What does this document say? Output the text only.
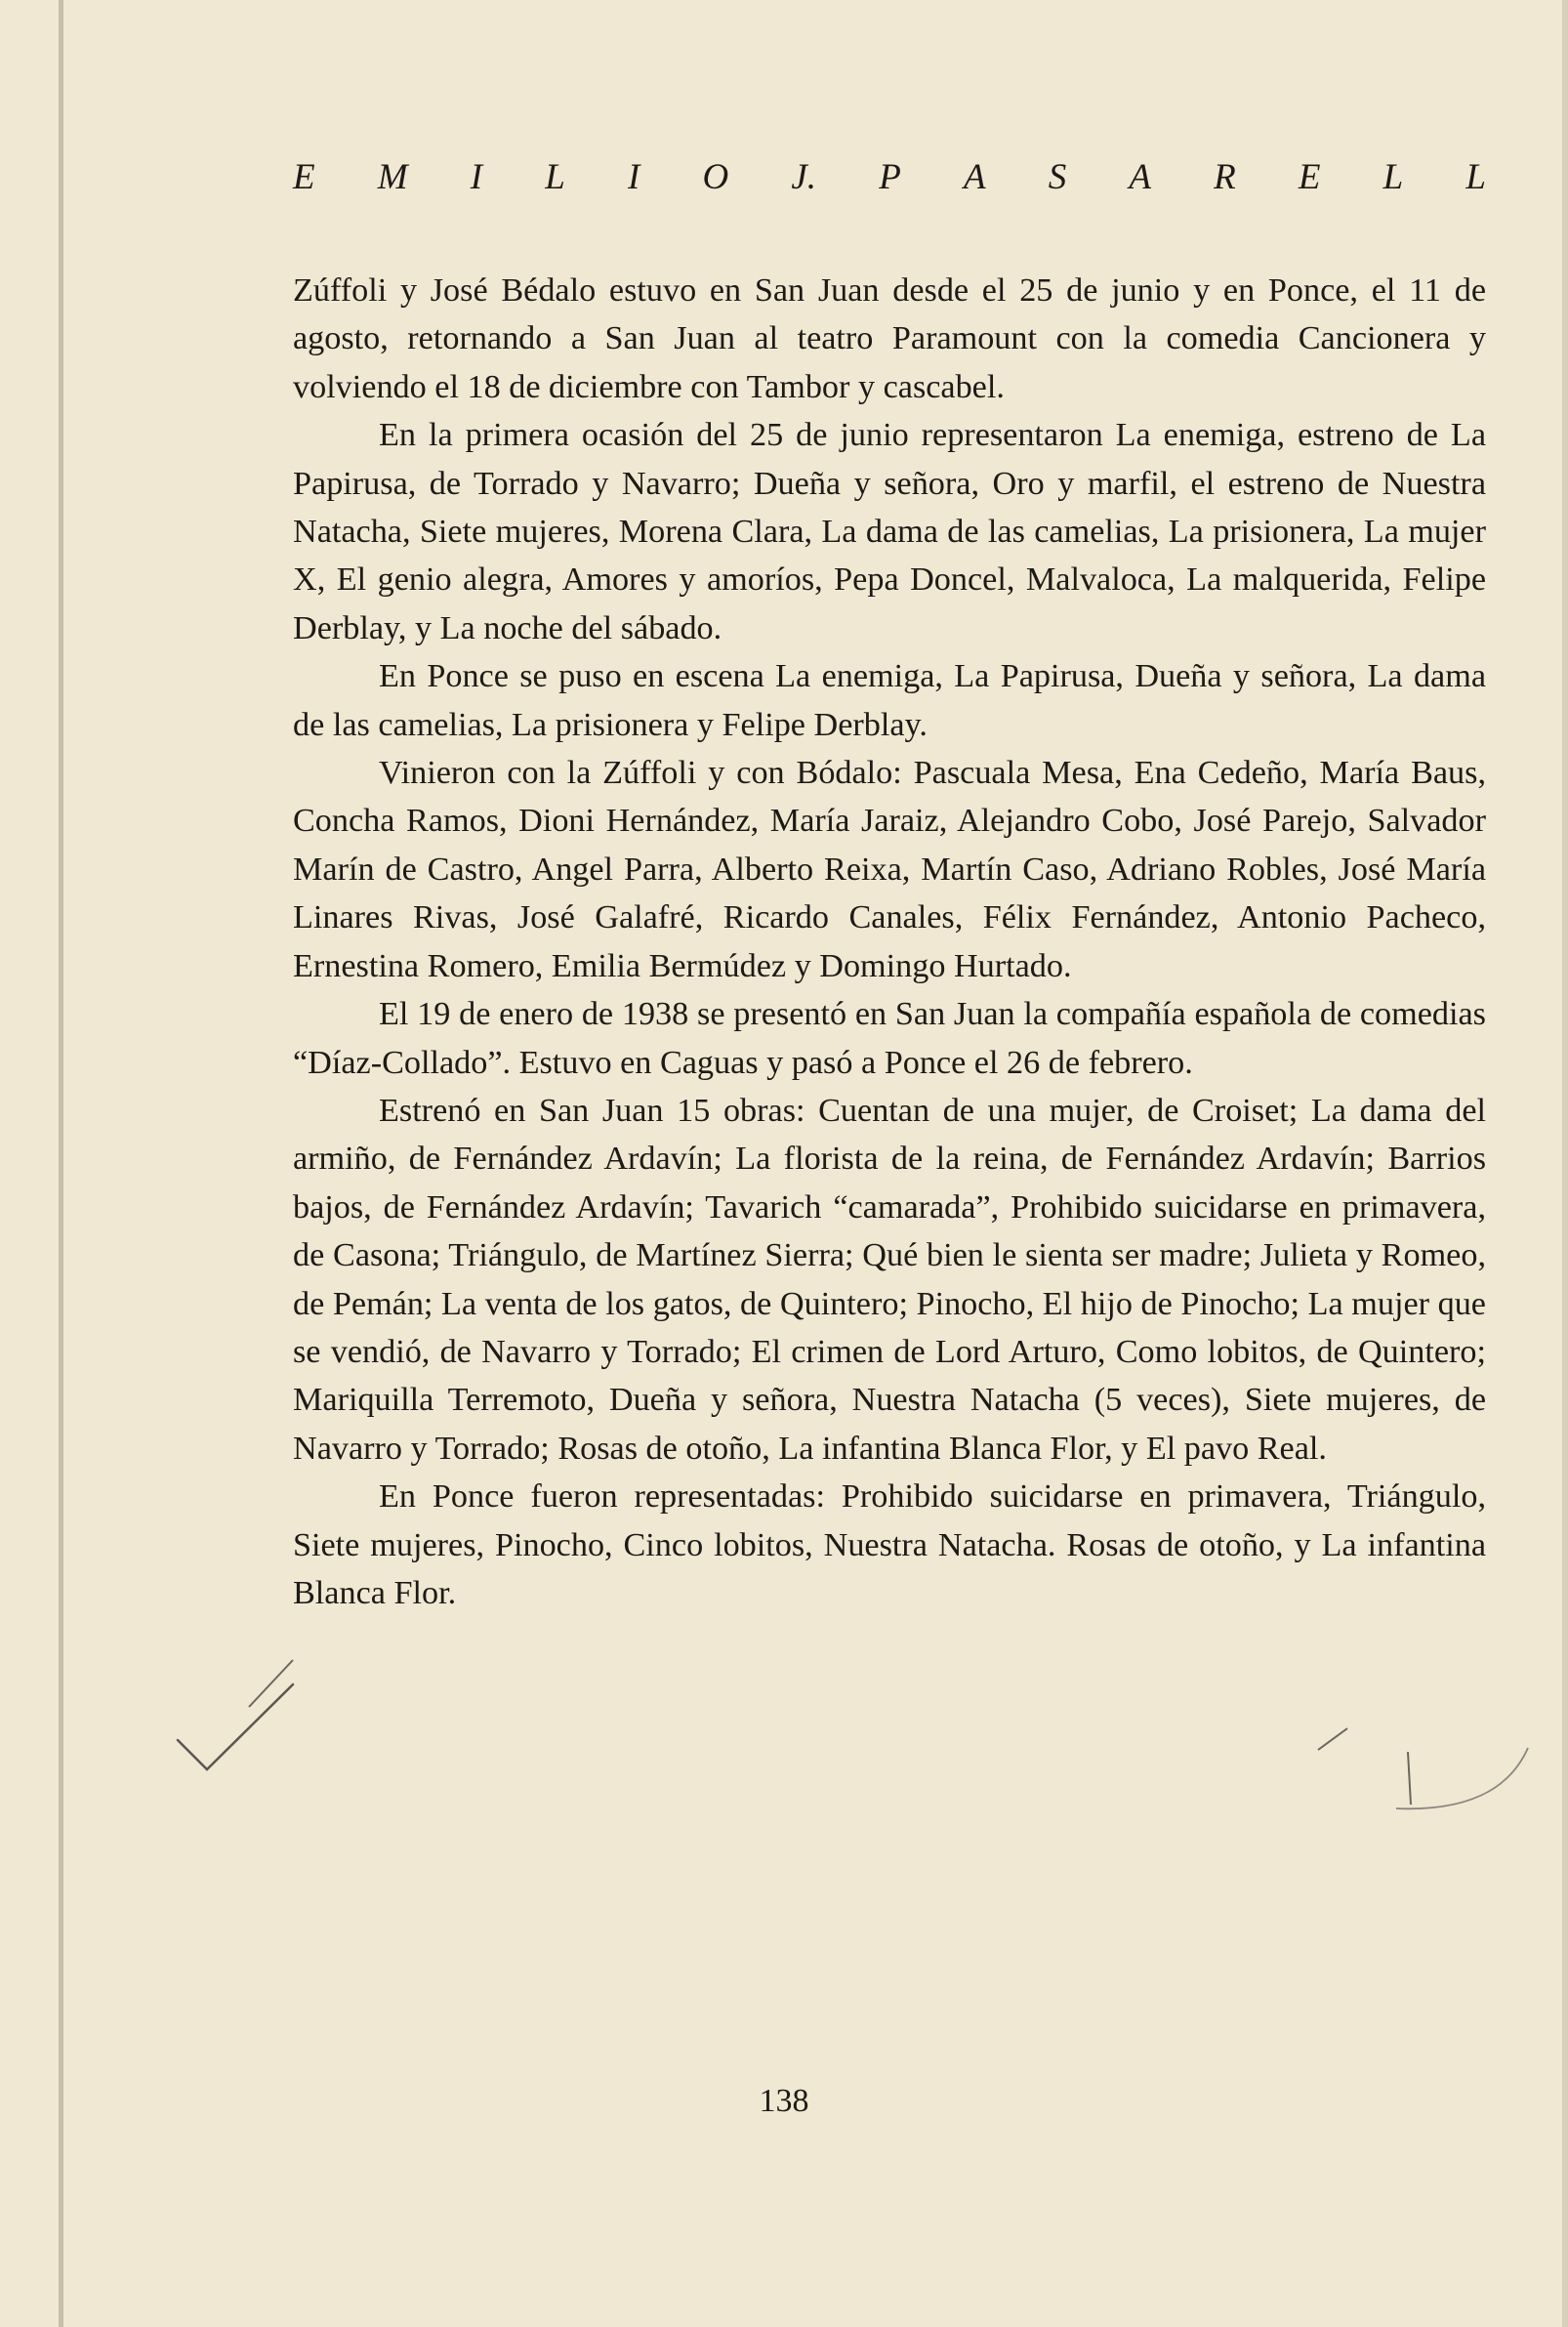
E M I L I O J. P A S A R E L L

Zúffoli y José Bédalo estuvo en San Juan desde el 25 de junio y en Ponce, el 11 de agosto, retornando a San Juan al teatro Paramount con la comedia Cancionera y volviendo el 18 de diciembre con Tambor y cascabel.

En la primera ocasión del 25 de junio representaron La enemiga, estreno de La Papirusa, de Torrado y Navarro; Dueña y señora, Oro y marfil, el estreno de Nuestra Natacha, Siete mujeres, Morena Clara, La dama de las camelias, La prisionera, La mujer X, El genio alegra, Amores y amoríos, Pepa Doncel, Malvaloca, La malquerida, Felipe Derblay, y La noche del sábado.

En Ponce se puso en escena La enemiga, La Papirusa, Dueña y señora, La dama de las camelias, La prisionera y Felipe Derblay.

Vinieron con la Zúffoli y con Bódalo: Pascuala Mesa, Ena Cedeño, María Baus, Concha Ramos, Dioni Hernández, María Jaraiz, Alejandro Cobo, José Parejo, Salvador Marín de Castro, Angel Parra, Alberto Reixa, Martín Caso, Adriano Robles, José María Linares Rivas, José Galafré, Ricardo Canales, Félix Fernández, Antonio Pacheco, Ernestina Romero, Emilia Bermúdez y Domingo Hurtado.

El 19 de enero de 1938 se presentó en San Juan la compañía española de comedias “Díaz-Collado”. Estuvo en Caguas y pasó a Ponce el 26 de febrero.

Estrenó en San Juan 15 obras: Cuentan de una mujer, de Croiset; La dama del armiño, de Fernández Ardavín; La florista de la reina, de Fernández Ardavín; Barrios bajos, de Fernández Ardavín; Tavarich “camarada”, Prohibido suicidarse en primavera, de Casona; Triángulo, de Martínez Sierra; Qué bien le sienta ser madre; Julieta y Romeo, de Pemán; La venta de los gatos, de Quintero; Pinocho, El hijo de Pinocho; La mujer que se vendió, de Navarro y Torrado; El crimen de Lord Arturo, Como lobitos, de Quintero; Mariquilla Terremoto, Dueña y señora, Nuestra Natacha (5 veces), Siete mujeres, de Navarro y Torrado; Rosas de otoño, La infantina Blanca Flor, y El pavo Real.

En Ponce fueron representadas: Prohibido suicidarse en primavera, Triángulo, Siete mujeres, Pinocho, Cinco lobitos, Nuestra Natacha. Rosas de otoño, y La infantina Blanca Flor.

138
